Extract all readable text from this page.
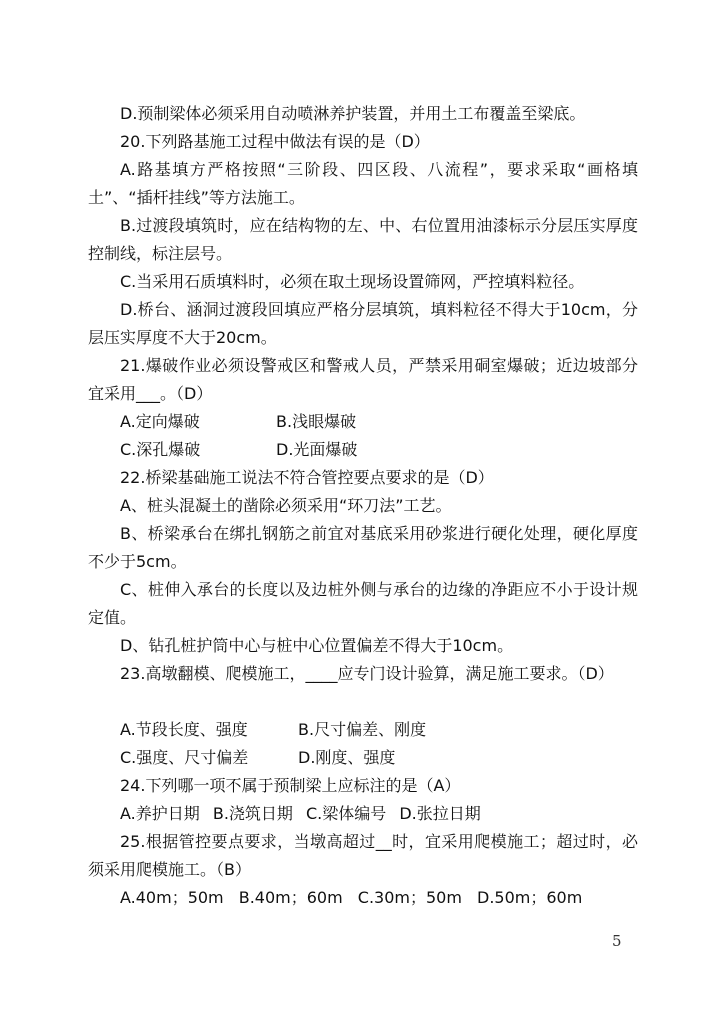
D.预制梁体必须采用自动喷淋养护装置，并用土工布覆盖至梁底。

20.下列路基施工过程中做法有误的是（D）

A.路基填方严格按照“三阶段、四区段、八流程”，要求采取“画格填土”、“插杆挂线”等方法施工。

B.过渡段填筑时，应在结构物的左、中、右位置用油漆标示分层压实厚度控制线，标注层号。

C.当采用石质填料时，必须在取土现场设置筛网，严控填料粒径。

D.桥台、涵洞过渡段回填应严格分层填筑，填料粒径不得大于10cm，分层压实厚度不大于20cm。

21.爆破作业必须设警戒区和警戒人员，严禁采用硐室爆破；近边坡部分宜采用___。（D）

A.定向爆破	B.浅眼爆破
C.深孔爆破	D.光面爆破

22.桥梁基础施工说法不符合管控要点要求的是（D）

A、桩头混凝土的凿除必须采用“环刀法”工艺。

B、桥梁承台在绑扎钢筋之前宜对基底采用砂浆进行硬化处理，硬化厚度不少于5cm。

C、桩伸入承台的长度以及边桩外侧与承台的边缘的净距应不小于设计规定值。

D、钻孔桩护筒中心与桩中心位置偏差不得大于10cm。

23.高墩翻模、爬模施工，____应专门设计验算，满足施工要求。（D）

A.节段长度、强度	B.尺寸偏差、刚度
C.强度、尺寸偏差	D.刚度、强度

24.下列哪一项不属于预制梁上应标注的是（A）

A.养护日期 B.浇筑日期 C.梁体编号 D.张拉日期

25.根据管控要点要求，当墩高超过__时，宜采用爬模施工；超过时，必须采用爬模施工。（B）

A.40m；50m B.40m；60m C.30m；50m D.50m；60m
5
